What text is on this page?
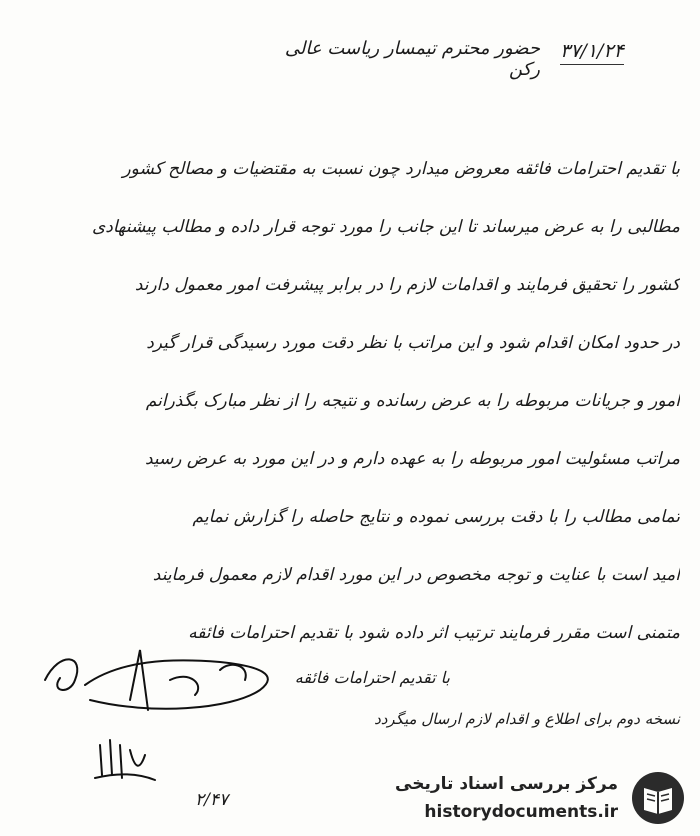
۳۷/۱/۲۴
حضور محترم تیمسار ریاست عالی رکن
با تقدیم احترامات فائقه معروض میدارد چون نسبت به مقتضیات و مصالح کشور
مطالبی را به عرض میرساند تا این جانب را مورد توجه قرار داده و مطالب پیشنهادی
کشور را تحقیق فرمایند و اقدامات لازم را در برابر پیشرفت امور معمول دارند
در حدود امکان اقدام شود و این مراتب با نظر دقت مورد رسیدگی قرار گیرد
امور و جریانات مربوطه را به عرض رسانده و نتیجه را از نظر مبارک بگذرانم
مراتب مسئولیت امور مربوطه را به عهده دارم و در این مورد به عرض رسید
تمامی مطالب را با دقت بررسی نموده و نتایج حاصله را گزارش نمایم
امید است با عنایت و توجه مخصوص در این مورد اقدام لازم معمول فرمایند
متمنی است مقرر فرمایند ترتیب اثر داده شود با تقدیم احترامات فائقه
با تقدیم احترامات فائقه
نسخه دوم برای اطلاع و اقدام لازم ارسال میگردد
۲/۴۷
مرکز بررسی اسناد تاریخی
historydocuments.ir
